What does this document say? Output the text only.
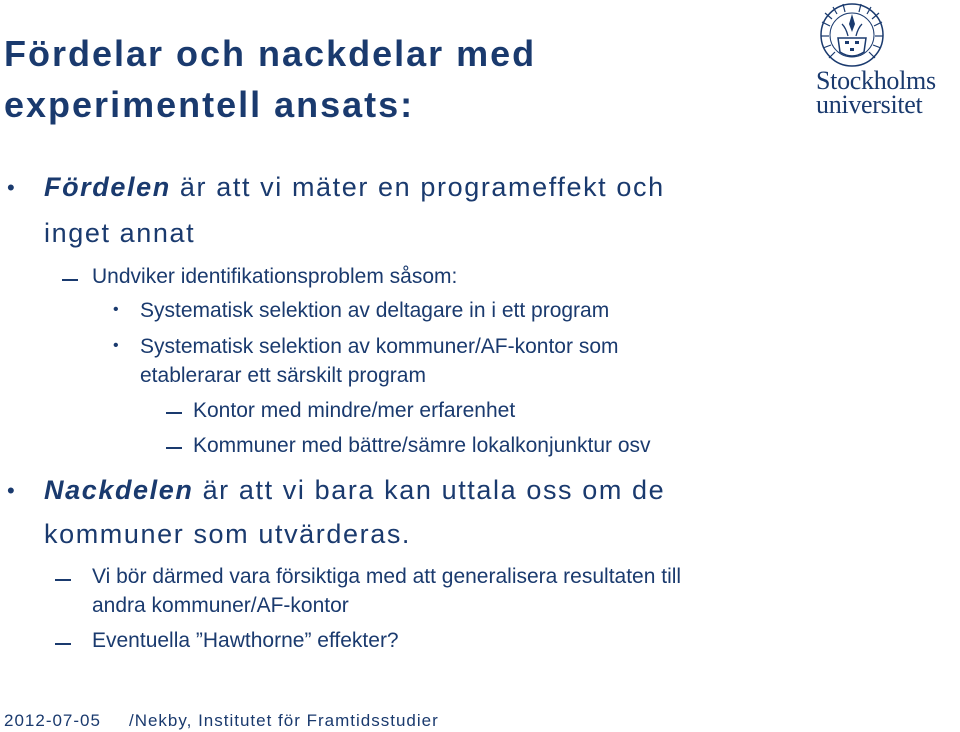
Fördelar och nackdelar med
experimentell ansats:
Stockholms
universitet
• Fördelen är att vi mäter en programeffekt och
inget annat
Undviker identifikationsproblem såsom:
• Systematisk selektion av deltagare in i ett program
• Systematisk selektion av kommuner/AF-kontor som
etablerarar ett särskilt program
Kontor med mindre/mer erfarenhet
Kommuner med bättre/sämre lokalkonjunktur osv
• Nackdelen är att vi bara kan uttala oss om de
kommuner som utvärderas.
Vi bör därmed vara försiktiga med att generalisera resultaten till
andra kommuner/AF-kontor
Eventuella ”Hawthorne” effekter?
2012-07-05 /Nekby, Institutet för Framtidsstudier
